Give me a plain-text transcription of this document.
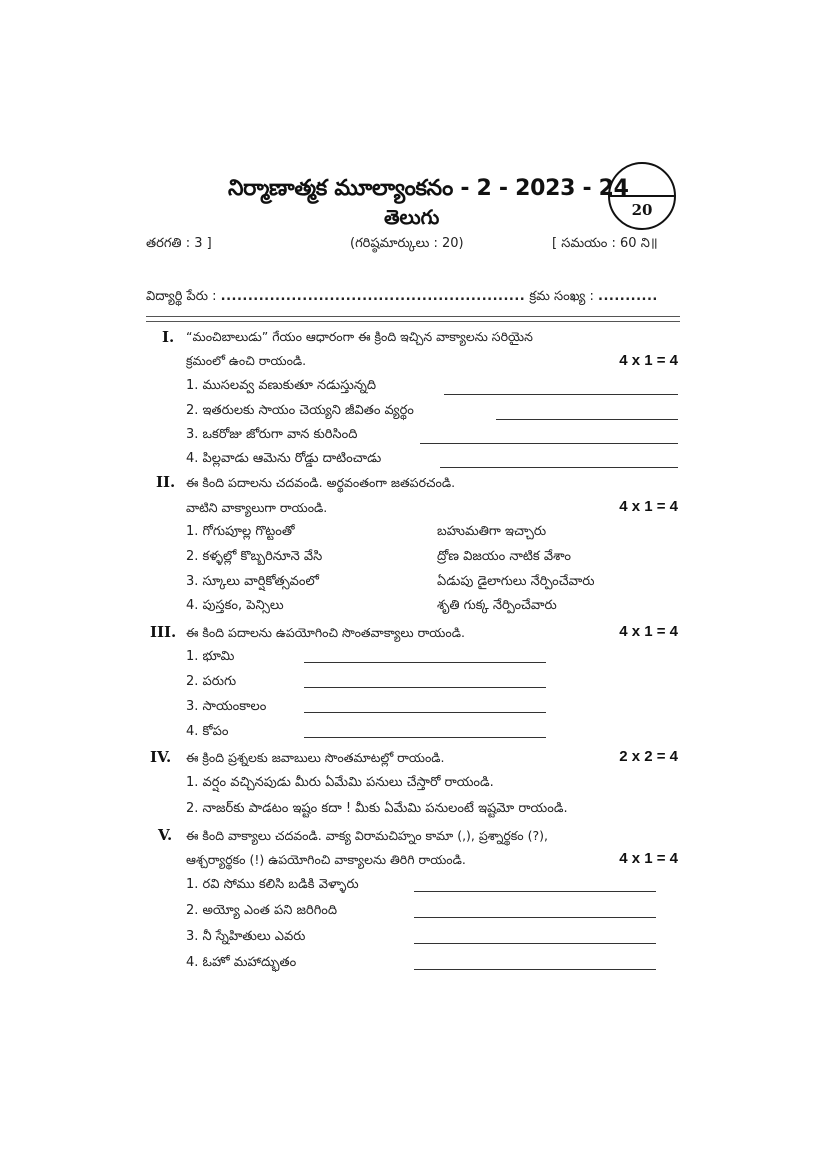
నిర్మాణాత్మక మూల్యాంకనం - 2 - 2023 - 24
తెలుగు	20
తరగతి : 3 ]	(గరిష్ఠమార్కులు : 20)	[ సమయం : 60 ని॥
విద్యార్థి పేరు : ........................................................ క్రమ సంఖ్య : ...........
I. “మంచిబాలుడు” గేయం ఆధారంగా ఈ క్రింది ఇచ్చిన వాక్యాలను సరియైన
క్రమంలో ఉంచి రాయండి.	4 x 1 = 4
1. ముసలవ్వ వణుకుతూ నడుస్తున్నది
2. ఇతరులకు సాయం చెయ్యని జీవితం వ్యర్థం
3. ఒకరోజు జోరుగా వాన కురిసింది
4. పిల్లవాడు ఆమెను రోడ్డు దాటించాడు
II. ఈ కింది పదాలను చదవండి. అర్థవంతంగా జతపరచండి.
వాటిని వాక్యాలుగా రాయండి.	4 x 1 = 4
1. గోగుపూల్ల గొట్టంతో	బహుమతిగా ఇచ్చారు
2. కళ్ళల్లో కొబ్బరినూనె వేసి	ద్రోణ విజయం నాటిక వేశాం
3. స్కూలు వార్షికోత్సవంలో	ఏడుపు డైలాగులు నేర్పించేవారు
4. పుస్తకం, పెన్సిలు	శృతి గుక్క నేర్పించేవారు
III. ఈ కింది పదాలను ఉపయోగించి సొంతవాక్యాలు రాయండి.	4 x 1 = 4
1. భూమి
2. పరుగు
3. సాయంకాలం
4. కోపం
IV. ఈ క్రింది ప్రశ్నలకు జవాబులు సొంతమాటల్లో రాయండి.	2 x 2 = 4
1. వర్షం వచ్చినపుడు మీరు ఏమేమి పనులు చేస్తారో రాయండి.
2. నాజర్‌కు పాడటం ఇష్టం కదా ! మీకు ఏమేమి పనులంటే ఇష్టమో రాయండి.
V. ఈ కింది వాక్యాలు చదవండి. వాక్య విరామచిహ్నం కామా (,), ప్రశ్నార్థకం (?),
ఆశ్చర్యార్థకం (!) ఉపయోగించి వాక్యాలను తిరిగి రాయండి.	4 x 1 = 4
1. రవి సోము కలిసి బడికి వెళ్ళారు
2. అయ్యో ఎంత పని జరిగింది
3. నీ స్నేహితులు ఎవరు
4. ఓహో మహాద్భుతం
